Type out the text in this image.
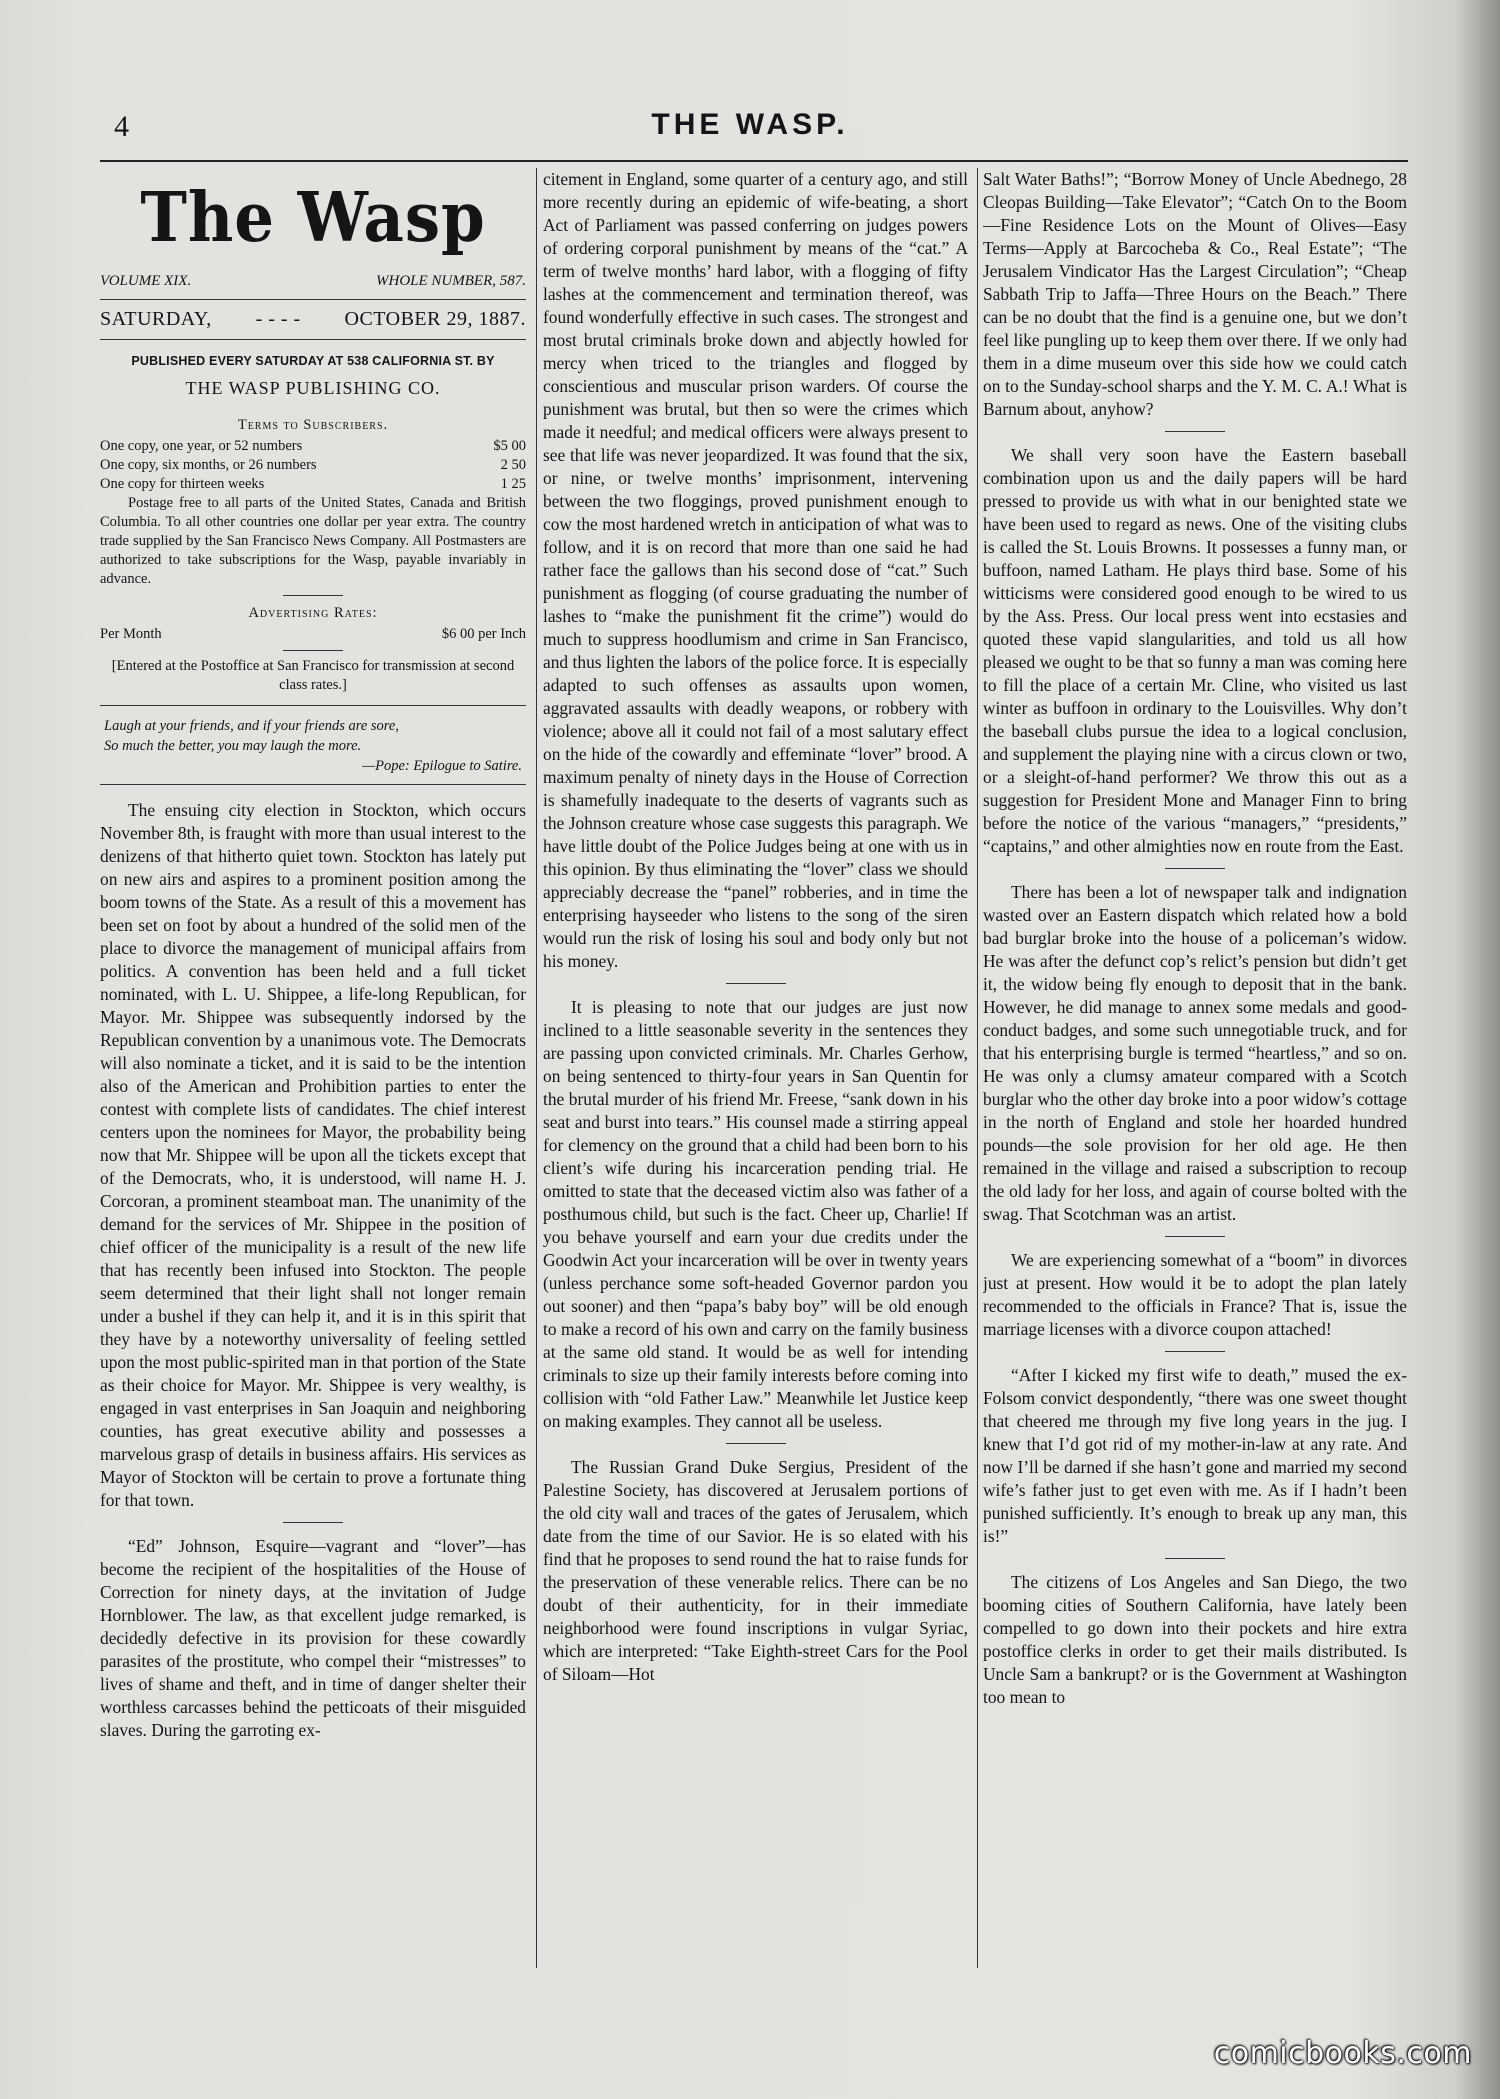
4	THE WASP.
The Wasp
VOLUME XIX.	WHOLE NUMBER, 587.
SATURDAY, - - - - OCTOBER 29, 1887.
PUBLISHED EVERY SATURDAY AT 538 CALIFORNIA ST. BY
THE WASP PUBLISHING CO.
Terms to Subscribers.
One copy, one year, or 52 numbers	$5 00
One copy, six months, or 26 numbers	2 50
One copy for thirteen weeks	1 25

Postage free to all parts of the United States, Canada and British Columbia. To all other countries one dollar per year extra. The country trade supplied by the San Francisco News Company. All Postmasters are authorized to take subscriptions for the Wasp, payable invariably in advance.

Advertising Rates:
Per Month	$6 00 per Inch
[Entered at the Postoffice at San Francisco for transmission at second class rates.]
Laugh at your friends, and if your friends are sore,
So much the better, you may laugh the more.
—Pope: Epilogue to Satire.

The ensuing city election in Stockton, which occurs November 8th, is fraught with more than usual interest to the denizens of that hitherto quiet town. Stockton has lately put on new airs and aspires to a prominent position among the boom towns of the State. As a result of this a movement has been set on foot by about a hundred of the solid men of the place to divorce the management of municipal affairs from politics. A convention has been held and a full ticket nominated, with L. U. Shippee, a life-long Republican, for Mayor. Mr. Shippee was subsequently indorsed by the Republican convention by a unanimous vote. The Democrats will also nominate a ticket, and it is said to be the intention also of the American and Prohibition parties to enter the contest with complete lists of candidates. The chief interest centers upon the nominees for Mayor, the probability being now that Mr. Shippee will be upon all the tickets except that of the Democrats, who, it is understood, will name H. J. Corcoran, a prominent steamboat man. The unanimity of the demand for the services of Mr. Shippee in the position of chief officer of the municipality is a result of the new life that has recently been infused into Stockton. The people seem determined that their light shall not longer remain under a bushel if they can help it, and it is in this spirit that they have by a noteworthy universality of feeling settled upon the most public-spirited man in that portion of the State as their choice for Mayor. Mr. Shippee is very wealthy, is engaged in vast enterprises in San Joaquin and neighboring counties, has great executive ability and possesses a marvelous grasp of details in business affairs. His services as Mayor of Stockton will be certain to prove a fortunate thing for that town.

“Ed” Johnson, Esquire—vagrant and “lover”—has become the recipient of the hospitalities of the House of Correction for ninety days, at the invitation of Judge Hornblower. The law, as that excellent judge remarked, is decidedly defective in its provision for these cowardly parasites of the prostitute, who compel their “mistresses” to lives of shame and theft, and in time of danger shelter their worthless carcasses behind the petticoats of their misguided slaves. During the garroting ex-

citement in England, some quarter of a century ago, and still more recently during an epidemic of wife-beating, a short Act of Parliament was passed conferring on judges powers of ordering corporal punishment by means of the “cat.” A term of twelve months’ hard labor, with a flogging of fifty lashes at the commencement and termination thereof, was found wonderfully effective in such cases. The strongest and most brutal criminals broke down and abjectly howled for mercy when triced to the triangles and flogged by conscientious and muscular prison warders. Of course the punishment was brutal, but then so were the crimes which made it needful; and medical officers were always present to see that life was never jeopardized. It was found that the six, or nine, or twelve months’ imprisonment, intervening between the two floggings, proved punishment enough to cow the most hardened wretch in anticipation of what was to follow, and it is on record that more than one said he had rather face the gallows than his second dose of “cat.” Such punishment as flogging (of course graduating the number of lashes to “make the punishment fit the crime”) would do much to suppress hoodlumism and crime in San Francisco, and thus lighten the labors of the police force. It is especially adapted to such offenses as assaults upon women, aggravated assaults with deadly weapons, or robbery with violence; above all it could not fail of a most salutary effect on the hide of the cowardly and effeminate “lover” brood. A maximum penalty of ninety days in the House of Correction is shamefully inadequate to the deserts of vagrants such as the Johnson creature whose case suggests this paragraph. We have little doubt of the Police Judges being at one with us in this opinion. By thus eliminating the “lover” class we should appreciably decrease the “panel” robberies, and in time the enterprising hayseeder who listens to the song of the siren would run the risk of losing his soul and body only but not his money.

It is pleasing to note that our judges are just now inclined to a little seasonable severity in the sentences they are passing upon convicted criminals. Mr. Charles Gerhow, on being sentenced to thirty-four years in San Quentin for the brutal murder of his friend Mr. Freese, “sank down in his seat and burst into tears.” His counsel made a stirring appeal for clemency on the ground that a child had been born to his client’s wife during his incarceration pending trial. He omitted to state that the deceased victim also was father of a posthumous child, but such is the fact. Cheer up, Charlie! If you behave yourself and earn your due credits under the Goodwin Act your incarceration will be over in twenty years (unless perchance some soft-headed Governor pardon you out sooner) and then “papa’s baby boy” will be old enough to make a record of his own and carry on the family business at the same old stand. It would be as well for intending criminals to size up their family interests before coming into collision with “old Father Law.” Meanwhile let Justice keep on making examples. They cannot all be useless.

The Russian Grand Duke Sergius, President of the Palestine Society, has discovered at Jerusalem portions of the old city wall and traces of the gates of Jerusalem, which date from the time of our Savior. He is so elated with his find that he proposes to send round the hat to raise funds for the preservation of these venerable relics. There can be no doubt of their authenticity, for in their immediate neighborhood were found inscriptions in vulgar Syriac, which are interpreted: “Take Eighth-street Cars for the Pool of Siloam—Hot

Salt Water Baths!”; “Borrow Money of Uncle Abednego, 28 Cleopas Building—Take Elevator”; “Catch On to the Boom—Fine Residence Lots on the Mount of Olives—Easy Terms—Apply at Barcocheba & Co., Real Estate”; “The Jerusalem Vindicator Has the Largest Circulation”; “Cheap Sabbath Trip to Jaffa—Three Hours on the Beach.” There can be no doubt that the find is a genuine one, but we don’t feel like pungling up to keep them over there. If we only had them in a dime museum over this side how we could catch on to the Sunday-school sharps and the Y. M. C. A.! What is Barnum about, anyhow?

We shall very soon have the Eastern baseball combination upon us and the daily papers will be hard pressed to provide us with what in our benighted state we have been used to regard as news. One of the visiting clubs is called the St. Louis Browns. It possesses a funny man, or buffoon, named Latham. He plays third base. Some of his witticisms were considered good enough to be wired to us by the Ass. Press. Our local press went into ecstasies and quoted these vapid slangularities, and told us all how pleased we ought to be that so funny a man was coming here to fill the place of a certain Mr. Cline, who visited us last winter as buffoon in ordinary to the Louisvilles. Why don’t the baseball clubs pursue the idea to a logical conclusion, and supplement the playing nine with a circus clown or two, or a sleight-of-hand performer? We throw this out as a suggestion for President Mone and Manager Finn to bring before the notice of the various “managers,” “presidents,” “captains,” and other almighties now en route from the East.

There has been a lot of newspaper talk and indignation wasted over an Eastern dispatch which related how a bold bad burglar broke into the house of a policeman’s widow. He was after the defunct cop’s relict’s pension but didn’t get it, the widow being fly enough to deposit that in the bank. However, he did manage to annex some medals and good-conduct badges, and some such unnegotiable truck, and for that his enterprising burgle is termed “heartless,” and so on. He was only a clumsy amateur compared with a Scotch burglar who the other day broke into a poor widow’s cottage in the north of England and stole her hoarded hundred pounds—the sole provision for her old age. He then remained in the village and raised a subscription to recoup the old lady for her loss, and again of course bolted with the swag. That Scotchman was an artist.

We are experiencing somewhat of a “boom” in divorces just at present. How would it be to adopt the plan lately recommended to the officials in France? That is, issue the marriage licenses with a divorce coupon attached!

“After I kicked my first wife to death,” mused the ex-Folsom convict despondently, “there was one sweet thought that cheered me through my five long years in the jug. I knew that I’d got rid of my mother-in-law at any rate. And now I’ll be darned if she hasn’t gone and married my second wife’s father just to get even with me. As if I hadn’t been punished sufficiently. It’s enough to break up any man, this is!”

The citizens of Los Angeles and San Diego, the two booming cities of Southern California, have lately been compelled to go down into their pockets and hire extra postoffice clerks in order to get their mails distributed. Is Uncle Sam a bankrupt? or is the Government at Washington too mean to

comicbooks.com
